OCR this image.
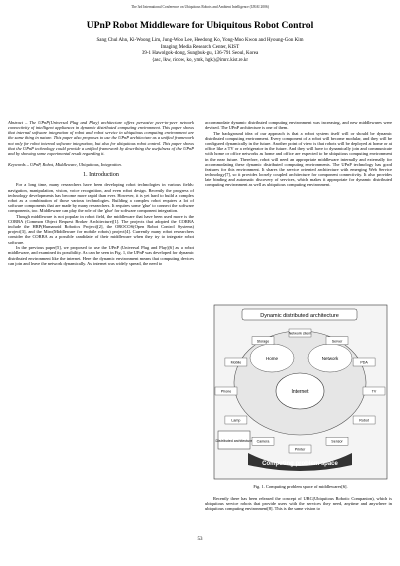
The 3rd International Conference on Ubiquitous Robots and Ambient Intelligence (URAI 2006)
UPnP Robot Middleware for Ubiquitous Robot Control
Sang Chul Ahn, Ki-Woong Lim, Jung-Woo Lee, Heedong Ko, Yong-Moo Kwon and Hyoung-Gon Kim
Imaging Media Research Center, KIST
39-1 Hawolgok-dong, Sungbuk-gu, 136-791 Seoul, Korea
{asc, lkw, ricow, ko, ymk, hgk}@imrc.kist.re.kr

Abstract – The UPnP(Universal Plug and Play) architecture offers pervasive peer-to-peer network connectivity of intelligent appliances in dynamic distributed computing environment. This paper shows that internal software integration of robot and robot service in ubiquitous computing environment are the same thing in nature. This paper also proposes to use the UPnP architecture as a unified framework not only for robot internal software integration, but also for ubiquitous robot control. This paper shows that the UPnP technology could provide a unified framework by describing the usefulness of the UPnP and by showing some experimental result regarding it.

Keywords – UPnP, Robot, Middleware, Ubiquitous, Integration.

1. Introduction

For a long time, many researchers have been developing robot technologies in various fields: navigation, manipulation, vision, voice recognition, and even robot design. Recently the progress of technology developments has become more rapid than ever. However, it is yet hard to build a complex robot as a combination of those various technologies. Building a complex robot requires a lot of software components that are made by many researchers. It requires some 'glue' to connect the software components, too. Middleware can play the role of the 'glue' for software component integration.

Though middleware is not popular in robot field, the middleware that have been used more is the CORBA (Common Object Request Broker Architecture)[1]. The projects that adopted the CORBA include the HRP(Humanoid Robotics Project)[2], the OROCOS(Open Robot Control Systems) project[3], and the Miro(Middleware for mobile robots) project[4]. Currently many robot researchers consider the CORBA as a possible candidate of their middleware when they try to integrate robot software.

In the previous paper[5], we proposed to use the UPnP (Universal Plug and Play)[6] as a robot middleware, and examined its possibility. As can be seen in Fig. 1, the UPnP was developed for dynamic distributed environment like the internet. Here the dynamic environment means that computing devices can join and leave the network dynamically. As internet was widely spread, the need to

accommodate dynamic distributed computing environment was increasing, and new middlewares were devised. The UPnP architecture is one of them.

The background idea of our approach is that a robot system itself will or should be dynamic distributed computing environment. Every component of a robot will become modular, and they will be configured dynamically in the future. Another point of view is that robots will be deployed at home or at office like a TV or a refrigerator in the future. And they will have to dynamically join and communicate with home or office networks as home and office are expected to be ubiquitous computing environment in the near future. Therefore, robot will need an appropriate middleware internally and externally for accommodating these dynamic distributed computing environments. The UPnP technology has good features for this environment. It shares the service oriented architecture with emerging Web Service technology[7], so it provides loosely coupled architecture for component connectivity. It also provides late binding and automatic discovery of services, which makes it appropriate for dynamic distributed computing environment as well as ubiquitous computing environment.

Dynamic distributed architecture
Home	Network
Internet
Distributed architecture
Computing problem space
Network client
Server
PDA
TV
Robot
Sensor
Printer
Camera
Lamp
Phone
Mobile
Storage
Fig. 1. Computing problem space of middlewares[6].

Recently there has been released the concept of URC(Ubiquitous Robotic Companion), which is ubiquitous service robots that provide users with the services they need, anytime and anywhere in ubiquitous computing environment[8]. This is the same vision to

53
